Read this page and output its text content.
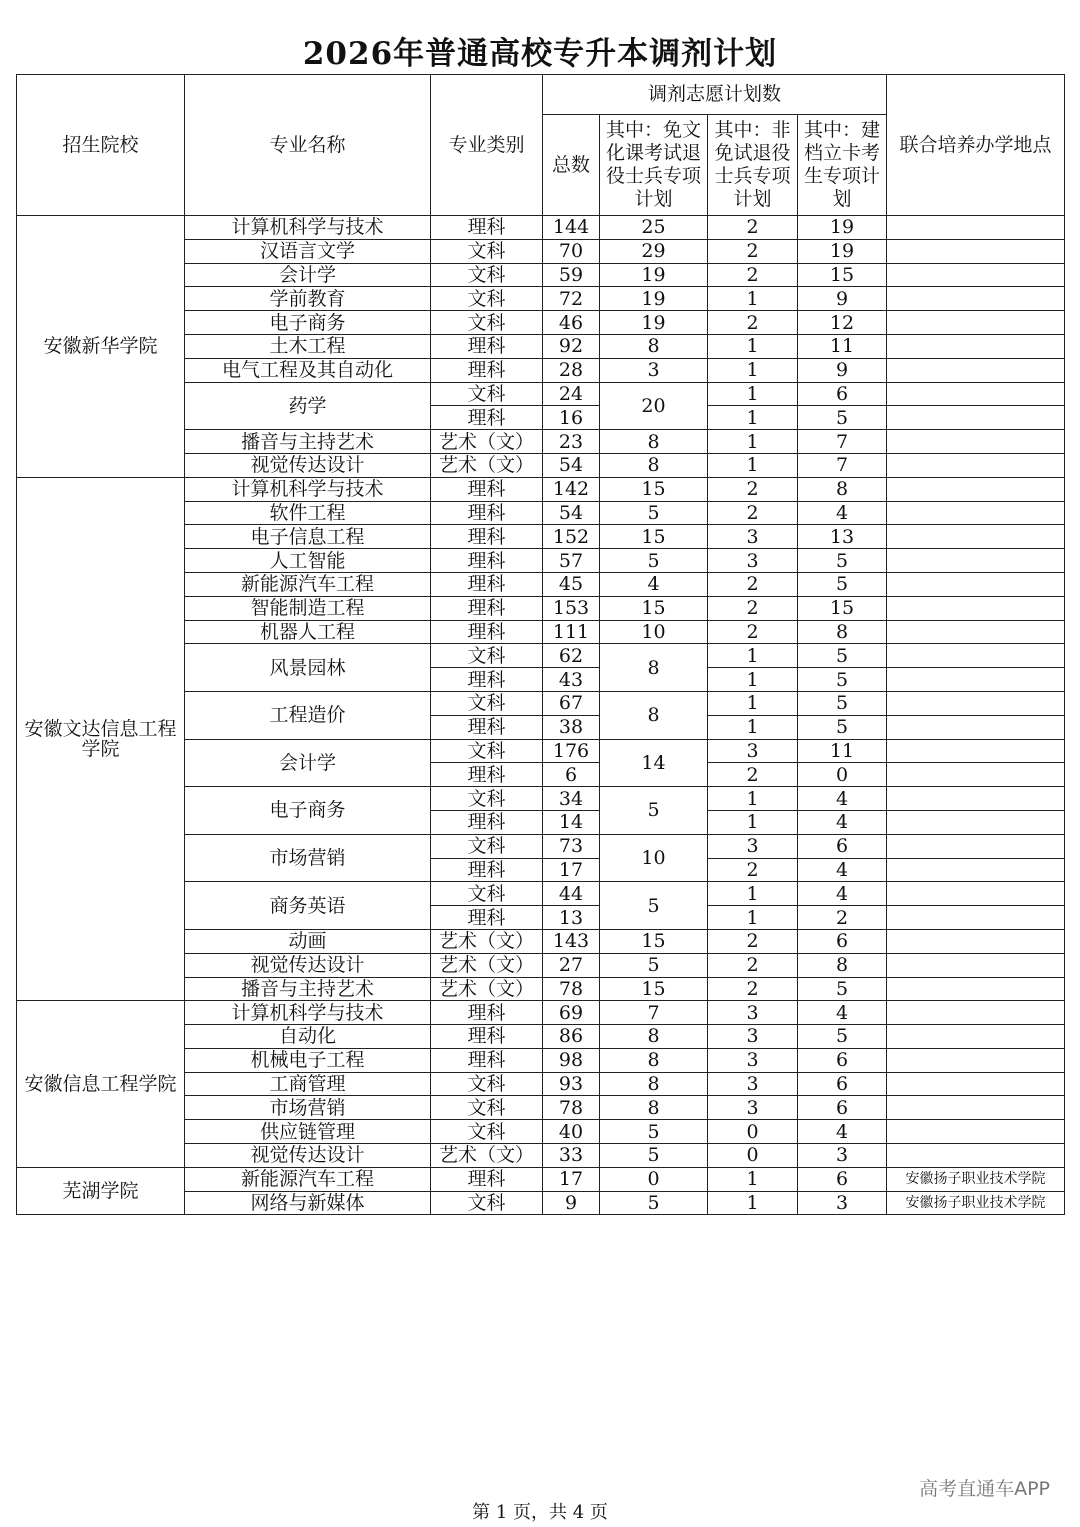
2026年普通高校专升本调剂计划
招生院校	专业名称	专业类别	调剂志愿计划数				联合培养办学地点
			总数	其中：免文化课考试退役士兵专项计划	其中：非免试退役士兵专项计划	其中：建档立卡考生专项计划	
安徽新华学院	计算机科学与技术	理科	144	25	2	19	
	汉语言文学	文科	70	29	2	19	
	会计学	文科	59	19	2	15	
	学前教育	文科	72	19	1	9	
	电子商务	文科	46	19	2	12	
	土木工程	理科	92	8	1	11	
	电气工程及其自动化	理科	28	3	1	9	
	药学	文科	24	20	1	6	
		理科	16		1	5	
	播音与主持艺术	艺术（文）	23	8	1	7	
	视觉传达设计	艺术（文）	54	8	1	7	
安徽文达信息工程学院	计算机科学与技术	理科	142	15	2	8	
	软件工程	理科	54	5	2	4	
	电子信息工程	理科	152	15	3	13	
	人工智能	理科	57	5	3	5	
	新能源汽车工程	理科	45	4	2	5	
	智能制造工程	理科	153	15	2	15	
	机器人工程	理科	111	10	2	8	
	风景园林	文科	62	8	1	5	
		理科	43		1	5	
	工程造价	文科	67	8	1	5	
		理科	38		1	5	
	会计学	文科	176	14	3	11	
		理科	6		2	0	
	电子商务	文科	34	5	1	4	
		理科	14		1	4	
	市场营销	文科	73	10	3	6	
		理科	17		2	4	
	商务英语	文科	44	5	1	4	
		理科	13		1	2	
	动画	艺术（文）	143	15	2	6	
	视觉传达设计	艺术（文）	27	5	2	8	
	播音与主持艺术	艺术（文）	78	15	2	5	
安徽信息工程学院	计算机科学与技术	理科	69	7	3	4	
	自动化	理科	86	8	3	5	
	机械电子工程	理科	98	8	3	6	
	工商管理	文科	93	8	3	6	
	市场营销	文科	78	8	3	6	
	供应链管理	文科	40	5	0	4	
	视觉传达设计	艺术（文）	33	5	0	3	
芜湖学院	新能源汽车工程	理科	17	0	1	6	安徽扬子职业技术学院
	网络与新媒体	文科	9	5	1	3	安徽扬子职业技术学院
高考直通车APP
第 1 页，共 4 页
